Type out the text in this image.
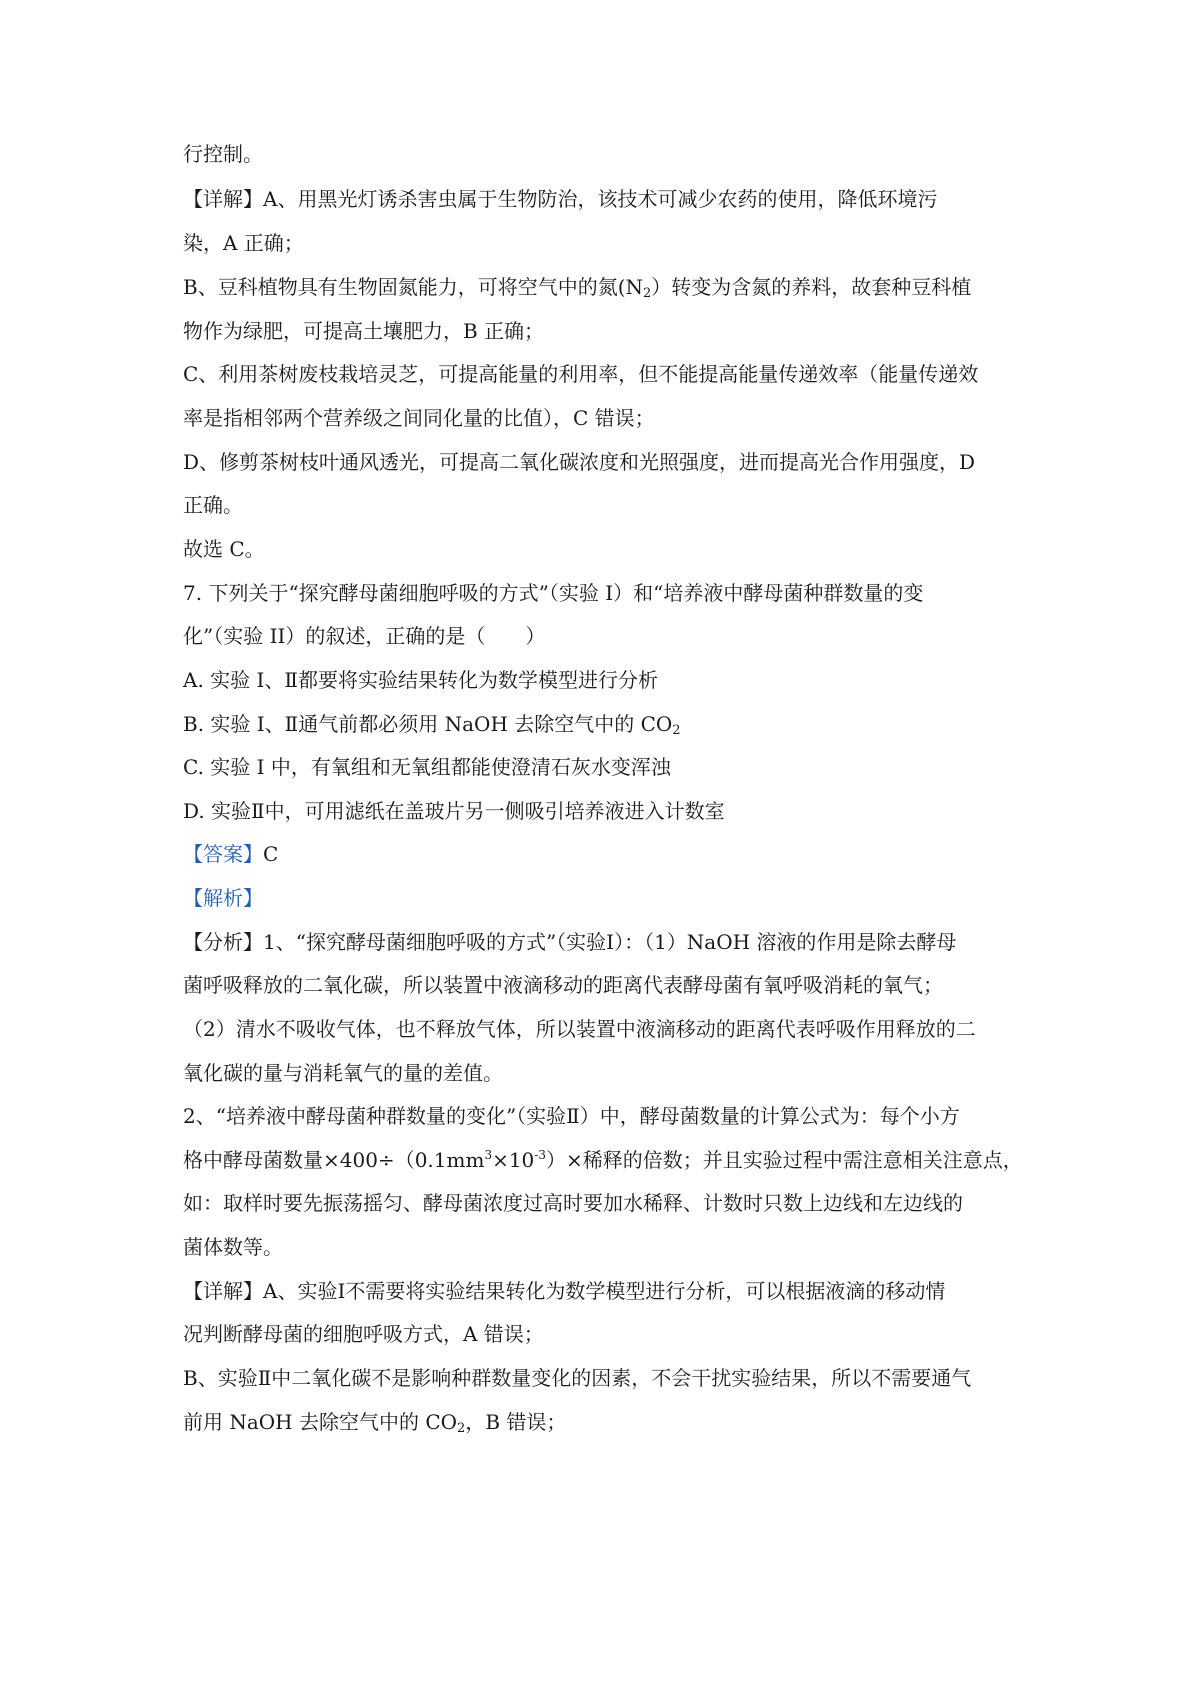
行控制。
【详解】A、用黑光灯诱杀害虫属于生物防治，该技术可减少农药的使用，降低环境污
染，A 正确；
B、豆科植物具有生物固氮能力，可将空气中的氮$(N_2)$转变为含氮的养料，故套种豆科植
物作为绿肥，可提高土壤肥力，B 正确；
C、利用茶树废枝栽培灵芝，可提高能量的利用率，但不能提高能量传递效率（能量传递效
率是指相邻两个营养级之间同化量的比值），C 错误；
D、修剪茶树枝叶通风透光，可提高二氧化碳浓度和光照强度，进而提高光合作用强度，D
正确。
故选 C。
7. 下列关于“探究酵母菌细胞呼吸的方式”（实验 I）和“培养液中酵母菌种群数量的变
化”（实验 II）的叙述，正确的是（　　）
A. 实验 I、Ⅱ都要将实验结果转化为数学模型进行分析
B. 实验 I、Ⅱ通气前都必须用 NaOH 去除空气中的 $CO_2$
C. 实验 I 中，有氧组和无氧组都能使澄清石灰水变浑浊
D. 实验Ⅱ中，可用滤纸在盖玻片另一侧吸引培养液进入计数室
【答案】C
【解析】
【分析】1、“探究酵母菌细胞呼吸的方式”（实验Ⅰ）：（1）NaOH 溶液的作用是除去酵母
菌呼吸释放的二氧化碳，所以装置中液滴移动的距离代表酵母菌有氧呼吸消耗的氧气；
（2）清水不吸收气体，也不释放气体，所以装置中液滴移动的距离代表呼吸作用释放的二
氧化碳的量与消耗氧气的量的差值。
2、“培养液中酵母菌种群数量的变化”（实验Ⅱ）中，酵母菌数量的计算公式为：每个小方
格中酵母菌数量$\times 400\div(0.1mm^3\times 10^{-3})\times$稀释的倍数；并且实验过程中需注意相关注意点，
如：取样时要先振荡摇匀、酵母菌浓度过高时要加水稀释、计数时只数上边线和左边线的
菌体数等。
【详解】A、实验Ⅰ不需要将实验结果转化为数学模型进行分析，可以根据液滴的移动情
况判断酵母菌的细胞呼吸方式，A 错误；
B、实验Ⅱ中二氧化碳不是影响种群数量变化的因素，不会干扰实验结果，所以不需要通气
前用 NaOH 去除空气中的 $CO_2$，B 错误；
